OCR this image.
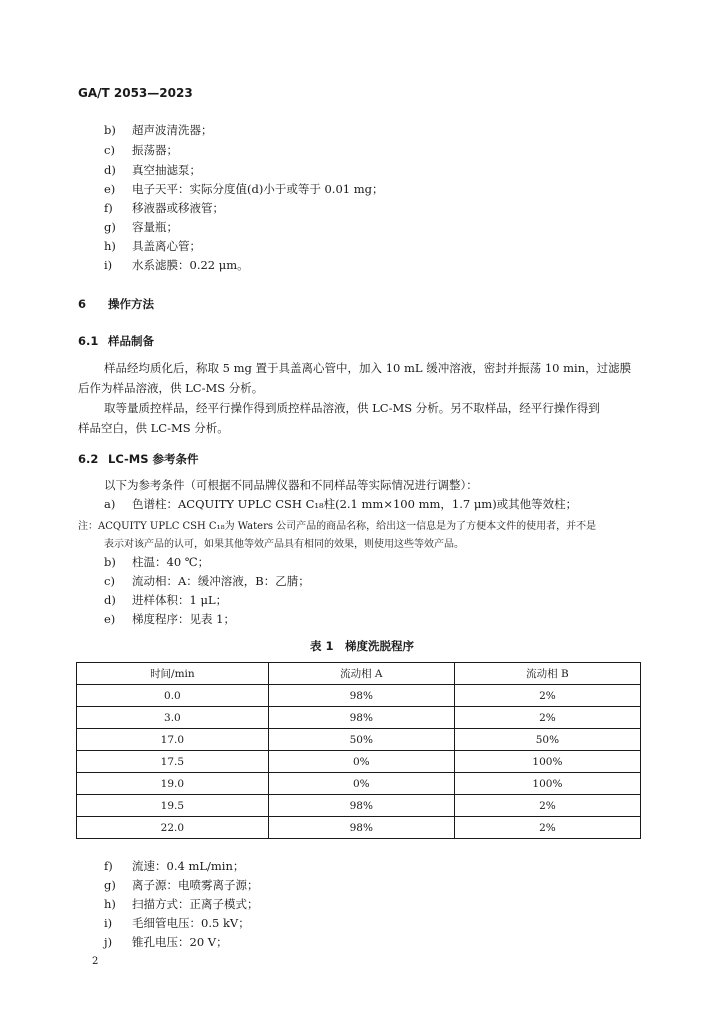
GA/T 2053—2023
b) 超声波清洗器；
c) 振荡器；
d) 真空抽滤泵；
e) 电子天平：实际分度值(d)小于或等于 0.01 mg；
f) 移液器或移液管；
g) 容量瓶；
h) 具盖离心管；
i) 水系滤膜：0.22 μm。
6 操作方法
6.1 样品制备
样品经均质化后，称取 5 mg 置于具盖离心管中，加入 10 mL 缓冲溶液，密封并振荡 10 min，过滤膜
后作为样品溶液，供 LC-MS 分析。
取等量质控样品，经平行操作得到质控样品溶液，供 LC-MS 分析。另不取样品，经平行操作得到
样品空白，供 LC-MS 分析。
6.2 LC-MS 参考条件
以下为参考条件（可根据不同品牌仪器和不同样品等实际情况进行调整）：
a) 色谱柱：ACQUITY UPLC CSH C₁₈柱(2.1 mm×100 mm，1.7 μm)或其他等效柱；
注：ACQUITY UPLC CSH C₁₈为 Waters 公司产品的商品名称，给出这一信息是为了方便本文件的使用者，并不是
表示对该产品的认可，如果其他等效产品具有相同的效果，则使用这些等效产品。
b) 柱温：40 ℃；
c) 流动相：A：缓冲溶液，B：乙腈；
d) 进样体积：1 μL；
e) 梯度程序：见表 1；
表 1　梯度洗脱程序
时间/min	流动相 A	流动相 B
0.0	98%	2%
3.0	98%	2%
17.0	50%	50%
17.5	0%	100%
19.0	0%	100%
19.5	98%	2%
22.0	98%	2%
f) 流速：0.4 mL/min；
g) 离子源：电喷雾离子源；
h) 扫描方式：正离子模式；
i) 毛细管电压：0.5 kV；
j) 锥孔电压：20 V；
2
